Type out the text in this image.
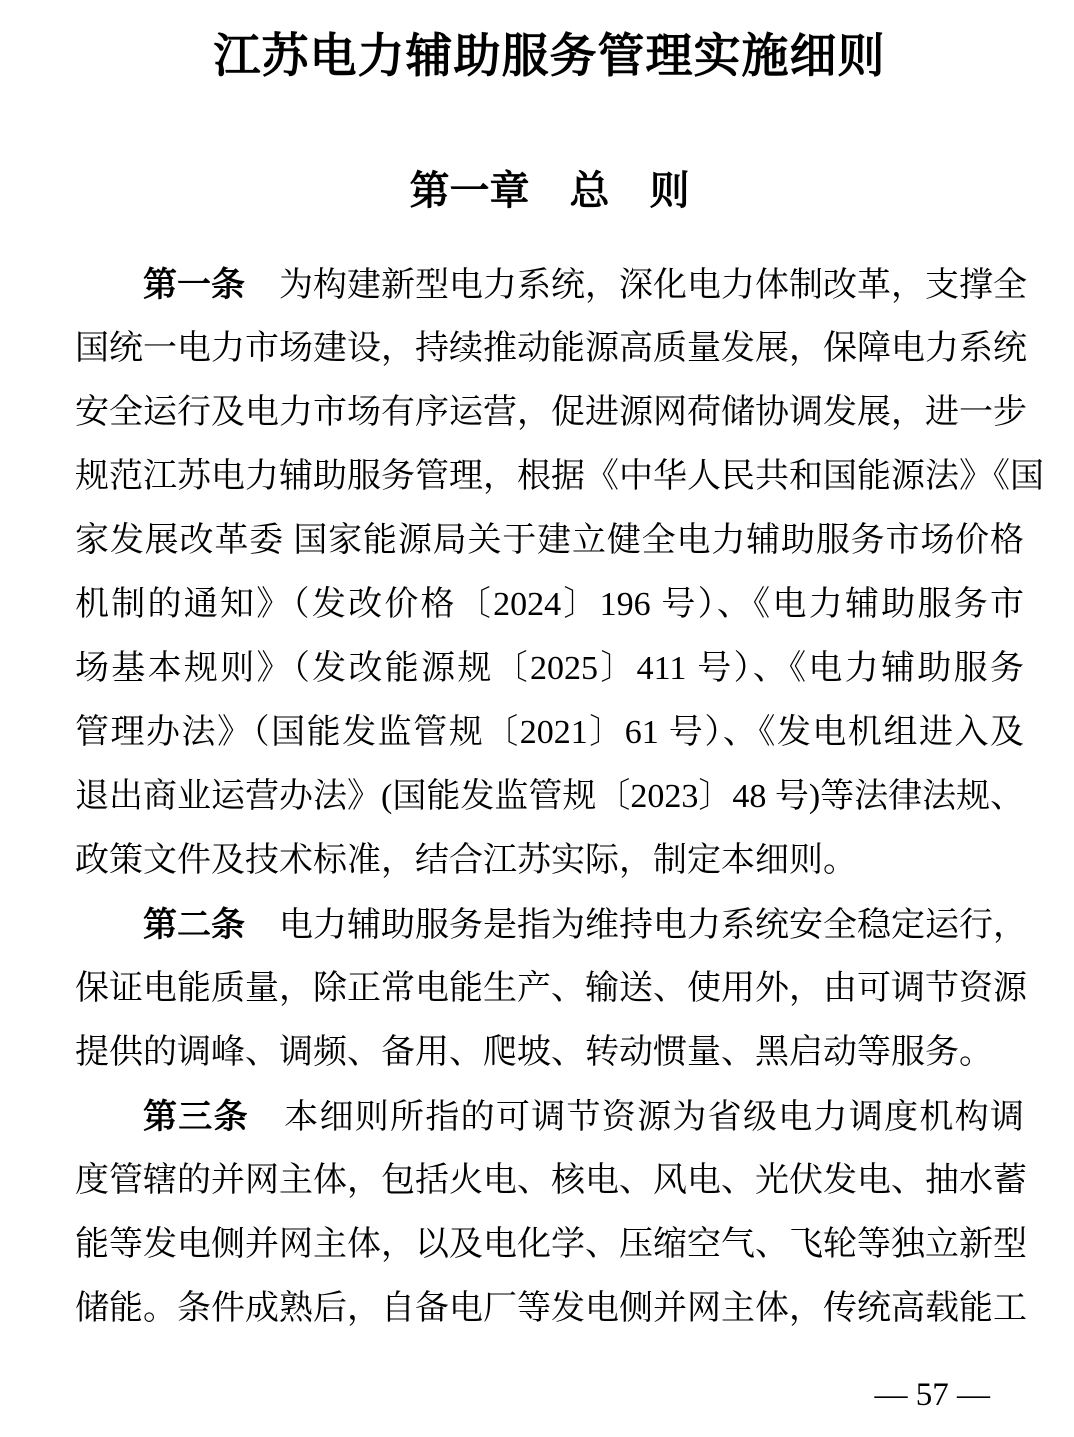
江苏电力辅助服务管理实施细则
第一章　总　则
第一条　为构建新型电力系统，深化电力体制改革，支撑全
国统一电力市场建设，持续推动能源高质量发展，保障电力系统
安全运行及电力市场有序运营，促进源网荷储协调发展，进一步
规范江苏电力辅助服务管理，根据《中华人民共和国能源法》《国
家发展改革委 国家能源局关于建立健全电力辅助服务市场价格
机制的通知》（发改价格〔2024〕196 号）、《电力辅助服务市
场基本规则》（发改能源规〔2025〕411 号）、《电力辅助服务
管理办法》（国能发监管规〔2021〕61 号）、《发电机组进入及
退出商业运营办法》(国能发监管规〔2023〕48 号)等法律法规、
政策文件及技术标准，结合江苏实际，制定本细则。
第二条　电力辅助服务是指为维持电力系统安全稳定运行，
保证电能质量，除正常电能生产、输送、使用外，由可调节资源
提供的调峰、调频、备用、爬坡、转动惯量、黑启动等服务。
第三条　本细则所指的可调节资源为省级电力调度机构调
度管辖的并网主体，包括火电、核电、风电、光伏发电、抽水蓄
能等发电侧并网主体，以及电化学、压缩空气、飞轮等独立新型
储能。条件成熟后，自备电厂等发电侧并网主体，传统高载能工
— 57 —
